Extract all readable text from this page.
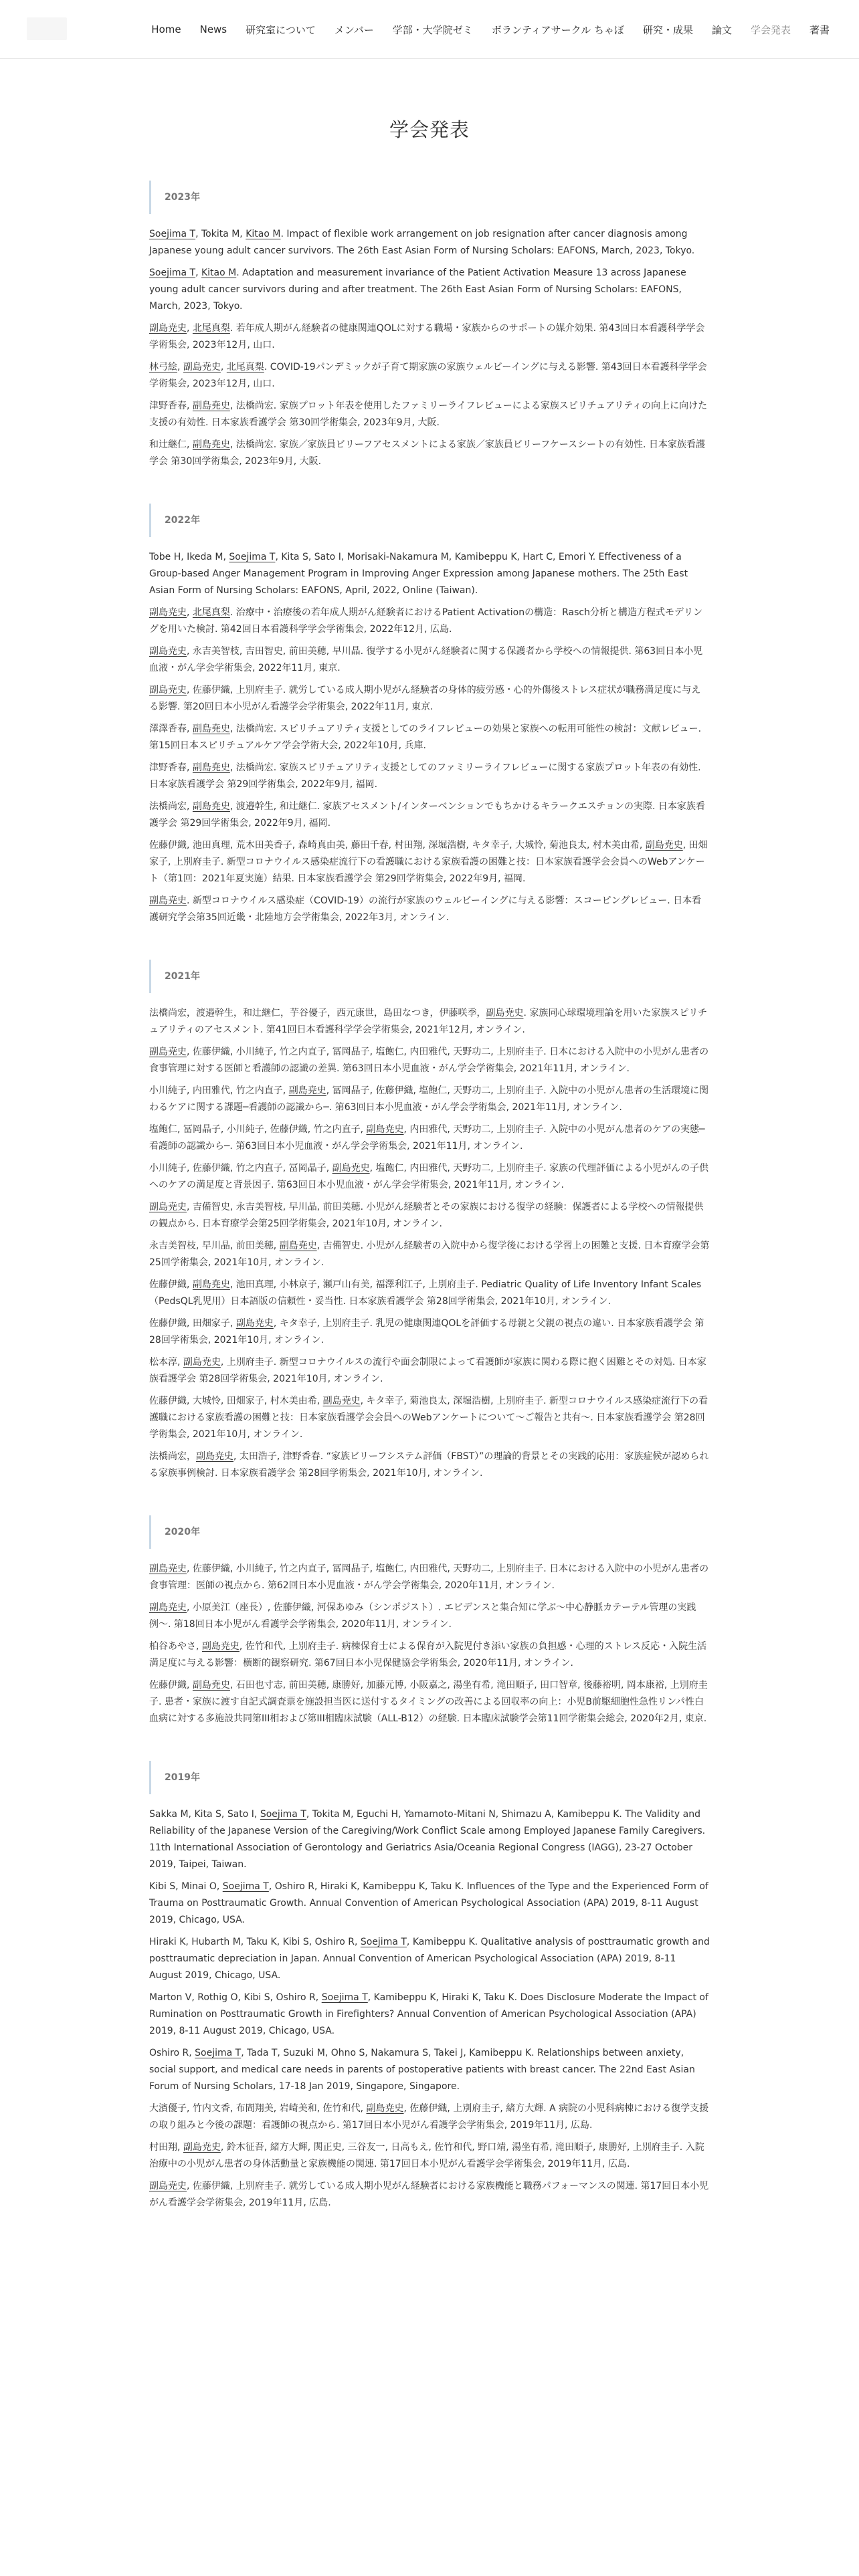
Home	News	研究室について	メンバー	学部・大学院ゼミ	ボランティアサークル ちゃぼ	研究・成果	論文	学会発表	著書
学会発表
2023年

Soejima T, Tokita M, Kitao M. Impact of flexible work arrangement on job resignation after cancer diagnosis among Japanese young adult cancer survivors. The 26th East Asian Form of Nursing Scholars: EAFONS, March, 2023, Tokyo.

Soejima T, Kitao M. Adaptation and measurement invariance of the Patient Activation Measure 13 across Japanese young adult cancer survivors during and after treatment. The 26th East Asian Form of Nursing Scholars: EAFONS, March, 2023, Tokyo.

副島尭史, 北尾真梨. 若年成人期がん経験者の健康関連QOLに対する職場・家族からのサポートの媒介効果. 第43回日本看護科学学会学術集会, 2023年12月, 山口.

林弓絵, 副島尭史, 北尾真梨. COVID-19パンデミックが子育て期家族の家族ウェルビーイングに与える影響. 第43回日本看護科学学会学術集会, 2023年12月, 山口.

津野香春, 副島尭史, 法橋尚宏. 家族プロット年表を使用したファミリーライフレビューによる家族スピリチュアリティの向上に向けた支援の有効性. 日本家族看護学会 第30回学術集会, 2023年9月, 大阪.

和辻継仁, 副島尭史, 法橋尚宏. 家族／家族員ビリーフアセスメントによる家族／家族員ビリーフケースシートの有効性. 日本家族看護学会 第30回学術集会, 2023年9月, 大阪.

2022年

Tobe H, Ikeda M, Soejima T, Kita S, Sato I, Morisaki-Nakamura M, Kamibeppu K, Hart C, Emori Y. Effectiveness of a Group-based Anger Management Program in Improving Anger Expression among Japanese mothers. The 25th East Asian Form of Nursing Scholars: EAFONS, April, 2022, Online (Taiwan).

副島尭史, 北尾真梨. 治療中・治療後の若年成人期がん経験者におけるPatient Activationの構造：Rasch分析と構造方程式モデリングを用いた検討. 第42回日本看護科学学会学術集会, 2022年12月, 広島.

副島尭史, 永吉美智枝, 吉田智史, 前田美穂, 早川晶. 復学する小児がん経験者に関する保護者から学校への情報提供. 第63回日本小児血液・がん学会学術集会, 2022年11月, 東京.

副島尭史, 佐藤伊織, 上別府圭子. 就労している成人期小児がん経験者の身体的疲労感・心的外傷後ストレス症状が職務満足度に与える影響. 第20回日本小児がん看護学会学術集会, 2022年11月, 東京.

澤澤香春, 副島尭史, 法橋尚宏. スピリチュアリティ支援としてのライフレビューの効果と家族への転用可能性の検討：文献レビュー. 第15回日本スピリチュアルケア学会学術大会, 2022年10月, 兵庫.

津野香春, 副島尭史, 法橋尚宏. 家族スピリチュアリティ支援としてのファミリーライフレビューに関する家族プロット年表の有効性. 日本家族看護学会 第29回学術集会, 2022年9月, 福岡.

法橋尚宏, 副島尭史, 渡邉幹生, 和辻継仁. 家族アセスメント/インターベンションでもちかけるキラークエスチョンの実際. 日本家族看護学会 第29回学術集会, 2022年9月, 福岡.

佐藤伊織, 池田真理, 荒木田美香子, 森崎真由美, 藤田千春, 村田翔, 深堀浩樹, キタ幸子, 大城怜, 菊池良太, 村木美由希, 副島尭史, 田畑家子, 上別府圭子. 新型コロナウイルス感染症流行下の看護職における家族看護の困難と技：日本家族看護学会会員へのWebアンケート（第1回：2021年夏実施）結果. 日本家族看護学会 第29回学術集会, 2022年9月, 福岡.

副島尭史. 新型コロナウイルス感染症（COVID-19）の流行が家族のウェルビーイングに与える影響：スコーピングレビュー. 日本看護研究学会第35回近畿・北陸地方会学術集会, 2022年3月, オンライン.

2021年

法橋尚宏，渡邉幹生，和辻継仁，芋谷優子，西元康世，島田なつき，伊藤咲季，副島尭史. 家族同心球環境理論を用いた家族スピリチュアリティのアセスメント. 第41回日本看護科学学会学術集会, 2021年12月, オンライン.

副島尭史, 佐藤伊織, 小川純子, 竹之内直子, 冨岡晶子, 塩飽仁, 内田雅代, 天野功二, 上別府圭子. 日本における入院中の小児がん患者の食事管理に対する医師と看護師の認識の差異. 第63回日本小児血液・がん学会学術集会, 2021年11月, オンライン.

小川純子, 内田雅代, 竹之内直子, 副島尭史, 冨岡晶子, 佐藤伊織, 塩飽仁, 天野功二, 上別府圭子. 入院中の小児がん患者の生活環境に関わるケアに関する課題─看護師の認識から─. 第63回日本小児血液・がん学会学術集会, 2021年11月, オンライン.

塩飽仁, 冨岡晶子, 小川純子, 佐藤伊織, 竹之内直子, 副島尭史, 内田雅代, 天野功二, 上別府圭子. 入院中の小児がん患者のケアの実態─看護師の認識から─. 第63回日本小児血液・がん学会学術集会, 2021年11月, オンライン.

小川純子, 佐藤伊織, 竹之内直子, 冨岡晶子, 副島尭史, 塩飽仁, 内田雅代, 天野功二, 上別府圭子. 家族の代理評価による小児がんの子供へのケアの満足度と背景因子. 第63回日本小児血液・がん学会学術集会, 2021年11月, オンライン.

副島尭史, 吉備智史, 永吉美智枝, 早川晶, 前田美穂. 小児がん経験者とその家族における復学の経験：保護者による学校への情報提供の観点から. 日本育療学会第25回学術集会, 2021年10月, オンライン.

永吉美智枝, 早川晶, 前田美穂, 副島尭史, 吉備智史. 小児がん経験者の入院中から復学後における学習上の困難と支援. 日本育療学会第25回学術集会, 2021年10月, オンライン.

佐藤伊織, 副島尭史, 池田真理, 小林京子, 瀬戸山有美, 福澤利江子, 上別府圭子. Pediatric Quality of Life Inventory Infant Scales（PedsQL乳児用）日本語版の信頼性・妥当性. 日本家族看護学会 第28回学術集会, 2021年10月, オンライン.

佐藤伊織, 田畑家子, 副島尭史, キタ幸子, 上別府圭子. 乳児の健康関連QOLを評価する母親と父親の視点の違い. 日本家族看護学会 第28回学術集会, 2021年10月, オンライン.

松本淳, 副島尭史, 上別府圭子. 新型コロナウイルスの流行や面会制限によって看護師が家族に関わる際に抱く困難とその対処. 日本家族看護学会 第28回学術集会, 2021年10月, オンライン.

佐藤伊織, 大城怜, 田畑家子, 村木美由希, 副島尭史, キタ幸子, 菊池良太, 深堀浩樹, 上別府圭子. 新型コロナウイルス感染症流行下の看護職における家族看護の困難と技：日本家族看護学会会員へのWebアンケートについて〜ご報告と共有〜. 日本家族看護学会 第28回学術集会, 2021年10月, オンライン.

法橋尚宏，副島尭史, 太田浩子, 津野香春. “家族ビリーフシステム評価（FBST）”の理論的背景とその実践的応用：家族症候が認められる家族事例検討. 日本家族看護学会 第28回学術集会, 2021年10月, オンライン.

2020年

副島尭史, 佐藤伊織, 小川純子, 竹之内直子, 冨岡晶子, 塩飽仁, 内田雅代, 天野功二, 上別府圭子. 日本における入院中の小児がん患者の食事管理：医師の視点から. 第62回日本小児血液・がん学会学術集会, 2020年11月, オンライン.

副島尭史, 小原美江（座長）, 佐藤伊織, 河保あゆみ（シンポジスト）. エビデンスと集合知に学ぶ〜中心静脈カテーテル管理の実践例〜. 第18回日本小児がん看護学会学術集会, 2020年11月, オンライン.

柏谷あやさ, 副島尭史, 佐竹和代, 上別府圭子. 病棟保育士による保育が入院児付き添い家族の負担感・心理的ストレス反応・入院生活満足度に与える影響：横断的観察研究. 第67回日本小児保健協会学術集会, 2020年11月, オンライン.

佐藤伊織, 副島尭史, 石田也寸志, 前田美穂, 康勝好, 加藤元博, 小阪嘉之, 湯坐有希, 滝田順子, 田口智章, 後藤裕明, 岡本康裕, 上別府圭子. 患者・家族に渡す自記式調査票を施設担当医に送付するタイミングの改善による回収率の向上：小児B前駆細胞性急性リンパ性白血病に対する多施設共同第III相および第III相臨床試験（ALL-B12）の経験. 日本臨床試験学会第11回学術集会総会, 2020年2月, 東京.

2019年

Sakka M, Kita S, Sato I, Soejima T, Tokita M, Eguchi H, Yamamoto-Mitani N, Shimazu A, Kamibeppu K. The Validity and Reliability of the Japanese Version of the Caregiving/Work Conflict Scale among Employed Japanese Family Caregivers. 11th International Association of Gerontology and Geriatrics Asia/Oceania Regional Congress (IAGG), 23-27 October 2019, Taipei, Taiwan.

Kibi S, Minai O, Soejima T, Oshiro R, Hiraki K, Kamibeppu K, Taku K. Influences of the Type and the Experienced Form of Trauma on Posttraumatic Growth. Annual Convention of American Psychological Association (APA) 2019, 8-11 August 2019, Chicago, USA.

Hiraki K, Hubarth M, Taku K, Kibi S, Oshiro R, Soejima T, Kamibeppu K. Qualitative analysis of posttraumatic growth and posttraumatic depreciation in Japan. Annual Convention of American Psychological Association (APA) 2019, 8-11 August 2019, Chicago, USA.

Marton V, Rothig O, Kibi S, Oshiro R, Soejima T, Kamibeppu K, Hiraki K, Taku K. Does Disclosure Moderate the Impact of Rumination on Posttraumatic Growth in Firefighters? Annual Convention of American Psychological Association (APA) 2019, 8-11 August 2019, Chicago, USA.

Oshiro R, Soejima T, Tada T, Suzuki M, Ohno S, Nakamura S, Takei J, Kamibeppu K. Relationships between anxiety, social support, and medical care needs in parents of postoperative patients with breast cancer. The 22nd East Asian Forum of Nursing Scholars, 17-18 Jan 2019, Singapore, Singapore.

大濱優子, 竹内文香, 布間翔美, 岩崎美和, 佐竹和代, 副島尭史, 佐藤伊織, 上別府圭子, 緒方大輝. A 病院の小児科病棟における復学支援の取り組みと今後の課題：看護師の視点から. 第17回日本小児がん看護学会学術集会, 2019年11月, 広島.

村田翔, 副島尭史, 鈴木征吾, 緒方大輝, 関正史, 三谷友一, 日高もえ, 佐竹和代, 野口靖, 湯坐有希, 滝田順子, 康勝好, 上別府圭子. 入院治療中の小児がん患者の身体活動量と家族機能の関連. 第17回日本小児がん看護学会学術集会, 2019年11月, 広島.

副島尭史, 佐藤伊織, 上別府圭子. 就労している成人期小児がん経験者における家族機能と職務パフォーマンスの関連. 第17回日本小児がん看護学会学術集会, 2019年11月, 広島.
